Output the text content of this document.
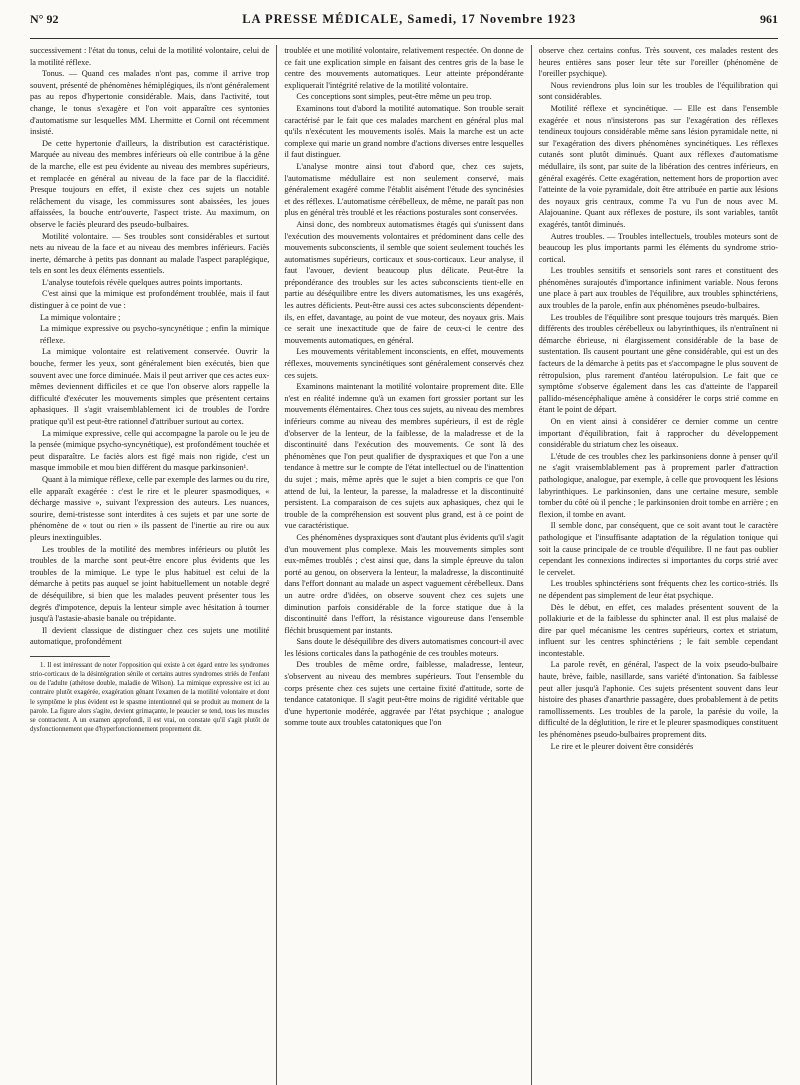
N° 92	LA PRESSE MÉDICALE, Samedi, 17 Novembre 1923	961

successivement : l'état du tonus, celui de la motilité volontaire, celui de la motilité réflexe.

Tonus. — Quand ces malades n'ont pas, comme il arrive trop souvent, présenté de phénomènes hémiplégiques, ils n'ont généralement pas au repos d'hypertonie considérable. Mais, dans l'activité, tout change, le tonus s'exagère et l'on voit apparaître ces syntonies d'automatisme sur lesquelles MM. Lhermitte et Cornil ont récemment insisté.

De cette hypertonie d'ailleurs, la distribution est caractéristique. Marquée au niveau des membres inférieurs où elle contribue à la gêne de la marche, elle est peu évidente au niveau des membres supérieurs, et remplacée en général au niveau de la face par de la flaccidité. Presque toujours en effet, il existe chez ces sujets un notable relâchement du visage, les commissures sont abaissées, les joues affaissées, la bouche entr'ouverte, l'aspect triste. Au maximum, on observe le faciès pleurard des pseudo-bulbaires.

Motilité volontaire. — Ses troubles sont considérables et surtout nets au niveau de la face et au niveau des membres inférieurs. Faciès inerte, démarche à petits pas donnant au malade l'aspect paraplégique, tels en sont les deux éléments essentiels.

L'analyse toutefois révèle quelques autres points importants.

C'est ainsi que la mimique est profondément troublée, mais il faut distinguer à ce point de vue :

La mimique volontaire ;

La mimique expressive ou psycho-syncynétique ; enfin la mimique réflexe.

La mimique volontaire est relativement conservée. Ouvrir la bouche, fermer les yeux, sont généralement bien exécutés, bien que souvent avec une force diminuée. Mais il peut arriver que ces actes eux-mêmes deviennent difficiles et ce que l'on observe alors rappelle la difficulté d'exécuter les mouvements simples que présentent certains aphasiques. Il s'agit vraisemblablement ici de troubles de l'ordre pratique qu'il est peut-être rationnel d'attribuer surtout au cortex.

La mimique expressive, celle qui accompagne la parole ou le jeu de la pensée (mimique psycho-syncynétique), est profondément touchée et peut disparaître. Le faciès alors est figé mais non rigide, c'est un masque immobile et mou bien différent du masque parkinsonien¹.

Quant à la mimique réflexe, celle par exemple des larmes ou du rire, elle apparaît exagérée : c'est le rire et le pleurer spasmodiques, « décharge massive », suivant l'expression des auteurs. Les nuances, sourire, demi-tristesse sont interdites à ces sujets et par une sorte de phénomène de « tout ou rien » ils passent de l'inertie au rire ou aux pleurs inextinguibles.

Les troubles de la motilité des membres inférieurs ou plutôt les troubles de la marche sont peut-être encore plus évidents que les troubles de la mimique. Le type le plus habituel est celui de la démarche à petits pas auquel se joint habituellement un notable degré de déséquilibre, si bien que les malades peuvent présenter tous les degrés d'impotence, depuis la lenteur simple avec hésitation à tourner jusqu'à l'astasie-abasie banale ou trépidante.

Il devient classique de distinguer chez ces sujets une motilité automatique, profondément

1. Il est intéressant de noter l'opposition qui existe à cet égard entre les syndromes strio-corticaux de la désintégration sénile et certains autres syndromes striés de l'enfant ou de l'adulte (athétose double, maladie de Wilson). La mimique expressive est ici au contraire plutôt exagérée, exagération gênant l'examen de la motilité volontaire et dont le symptôme le plus évident est le spasme intentionnel qui se produit au moment de la parole. La figure alors s'agite, devient grimaçante, le peaucier se tend, tous les muscles se contractent. A un examen approfondi, il est vrai, on constate qu'il s'agit plutôt de dysfonctionnement que d'hyperfonctionnement proprement dit.

troublée et une motilité volontaire, relativement respectée. On donne de ce fait une explication simple en faisant des centres gris de la base le centre des mouvements automatiques. Leur atteinte prépondérante expliquerait l'intégrité relative de la motilité volontaire.

Ces conceptions sont simples, peut-être même un peu trop.

Examinons tout d'abord la motilité automatique. Son trouble serait caractérisé par le fait que ces malades marchent en général plus mal qu'ils n'exécutent les mouvements isolés. Mais la marche est un acte complexe qui marie un grand nombre d'actions diverses entre lesquelles il faut distinguer.

L'analyse montre ainsi tout d'abord que, chez ces sujets, l'automatisme médullaire est non seulement conservé, mais généralement exagéré comme l'établit aisément l'étude des syncinésies et des réflexes. L'automatisme cérébelleux, de même, ne paraît pas non plus en général très troublé et les réactions posturales sont conservées.

Ainsi donc, des nombreux automatismes étagés qui s'unissent dans l'exécution des mouvements volontaires et prédominent dans celle des mouvements subconscients, il semble que soient seulement touchés les automatismes supérieurs, corticaux et sous-corticaux. Leur analyse, il faut l'avouer, devient beaucoup plus délicate. Peut-être la prépondérance des troubles sur les actes subconscients tient-elle en partie au déséquilibre entre les divers automatismes, les uns exagérés, les autres déficients. Peut-être aussi ces actes subconscients dépendent-ils, en effet, davantage, au point de vue moteur, des noyaux gris. Mais ce serait une inexactitude que de faire de ceux-ci le centre des mouvements automatiques, en général.

Les mouvements véritablement inconscients, en effet, mouvements réflexes, mouvements syncinétiques sont généralement conservés chez ces sujets.

Examinons maintenant la motilité volontaire proprement dite. Elle n'est en réalité indemne qu'à un examen fort grossier portant sur les mouvements élémentaires. Chez tous ces sujets, au niveau des membres inférieurs comme au niveau des membres supérieurs, il est de règle d'observer de la lenteur, de la faiblesse, de la maladresse et de la discontinuité dans l'exécution des mouvements. Ce sont là des phénomènes que l'on peut qualifier de dyspraxiques et que l'on a une tendance à mettre sur le compte de l'état intellectuel ou de l'inattention du sujet ; mais, même après que le sujet a bien compris ce que l'on attend de lui, la lenteur, la paresse, la maladresse et la discontinuité persistent. La comparaison de ces sujets aux aphasiques, chez qui le trouble de la compréhension est souvent plus grand, est à ce point de vue caractéristique.

Ces phénomènes dyspraxiques sont d'autant plus évidents qu'il s'agit d'un mouvement plus complexe. Mais les mouvements simples sont eux-mêmes troublés ; c'est ainsi que, dans la simple épreuve du talon porté au genou, on observera la lenteur, la maladresse, la discontinuité dans l'effort donnant au malade un aspect vaguement cérébelleux. Dans un autre ordre d'idées, on observe souvent chez ces sujets une diminution parfois considérable de la force statique due à la discontinuité dans l'effort, la résistance vigoureuse dans l'ensemble fléchit brusquement par instants.

Sans doute le déséquilibre des divers automatismes concourt-il avec les lésions corticales dans la pathogénie de ces troubles moteurs.

Des troubles de même ordre, faiblesse, maladresse, lenteur, s'observent au niveau des membres supérieurs. Tout l'ensemble du corps présente chez ces sujets une certaine fixité d'attitude, sorte de tendance catatonique. Il s'agit peut-être moins de rigidité véritable que d'une hypertonie modérée, aggravée par l'état psychique ; analogue somme toute aux troubles catatoniques que l'on

observe chez certains confus. Très souvent, ces malades restent des heures entières sans poser leur tête sur l'oreiller (phénomène de l'oreiller psychique).

Nous reviendrons plus loin sur les troubles de l'équilibration qui sont considérables.

Motilité réflexe et syncinétique. — Elle est dans l'ensemble exagérée et nous n'insisterons pas sur l'exagération des réflexes tendineux toujours considérable même sans lésion pyramidale nette, ni sur l'exagération des divers phénomènes syncinétiques. Les réflexes cutanés sont plutôt diminués. Quant aux réflexes d'automatisme médullaire, ils sont, par suite de la libération des centres inférieurs, en général exagérés. Cette exagération, nettement hors de proportion avec l'atteinte de la voie pyramidale, doit être attribuée en partie aux lésions des noyaux gris centraux, comme l'a vu l'un de nous avec M. Alajouanine. Quant aux réflexes de posture, ils sont variables, tantôt exagérés, tantôt diminués.

Autres troubles. — Troubles intellectuels, troubles moteurs sont de beaucoup les plus importants parmi les éléments du syndrome strio-cortical.

Les troubles sensitifs et sensoriels sont rares et constituent des phénomènes surajoutés d'importance infiniment variable. Nous ferons une place à part aux troubles de l'équilibre, aux troubles sphinctériens, aux troubles de la parole, enfin aux phénomènes pseudo-bulbaires.

Les troubles de l'équilibre sont presque toujours très marqués. Bien différents des troubles cérébelleux ou labyrinthiques, ils n'entraînent ni démarche ébrieuse, ni élargissement considérable de la base de sustentation. Ils causent pourtant une gêne considérable, qui est un des facteurs de la démarche à petits pas et s'accompagne le plus souvent de rétropulsion, plus rarement d'antéou latéropulsion. Le fait que ce symptôme s'observe également dans les cas d'atteinte de l'appareil pallido-mésencéphalique amène à considérer le corps strié comme en étant le point de départ.

On en vient ainsi à considérer ce dernier comme un centre important d'équilibration, fait à rapprocher du développement considérable du striatum chez les oiseaux.

L'étude de ces troubles chez les parkinsoniens donne à penser qu'il ne s'agit vraisemblablement pas à proprement parler d'attraction pathologique, analogue, par exemple, à celle que provoquent les lésions labyrinthiques. Le parkinsonien, dans une certaine mesure, semble tomber du côté où il penche ; le parkinsonien droit tombe en arrière ; en flexion, il tombe en avant.

Il semble donc, par conséquent, que ce soit avant tout le caractère pathologique et l'insuffisante adaptation de la régulation tonique qui soit la cause principale de ce trouble d'équilibre. Il ne faut pas oublier cependant les connexions indirectes si importantes du corps strié avec le cervelet.

Les troubles sphinctériens sont fréquents chez les cortico-striés. Ils ne dépendent pas simplement de leur état psychique.

Dès le début, en effet, ces malades présentent souvent de la pollakiurie et de la faiblesse du sphincter anal. Il est plus malaisé de dire par quel mécanisme les centres supérieurs, cortex et striatum, influent sur les centres sphinctériens ; le fait semble cependant incontestable.

La parole revêt, en général, l'aspect de la voix pseudo-bulbaire haute, brève, faible, nasillarde, sans variété d'intonation. Sa faiblesse peut aller jusqu'à l'aphonie. Ces sujets présentent souvent dans leur histoire des phases d'anarthrie passagère, dues probablement à de petits ramollissements. Les troubles de la parole, la parésie du voile, la difficulté de la déglutition, le rire et le pleurer spasmodiques constituent les phénomènes pseudo-bulbaires proprement dits.

Le rire et le pleurer doivent être considérés
